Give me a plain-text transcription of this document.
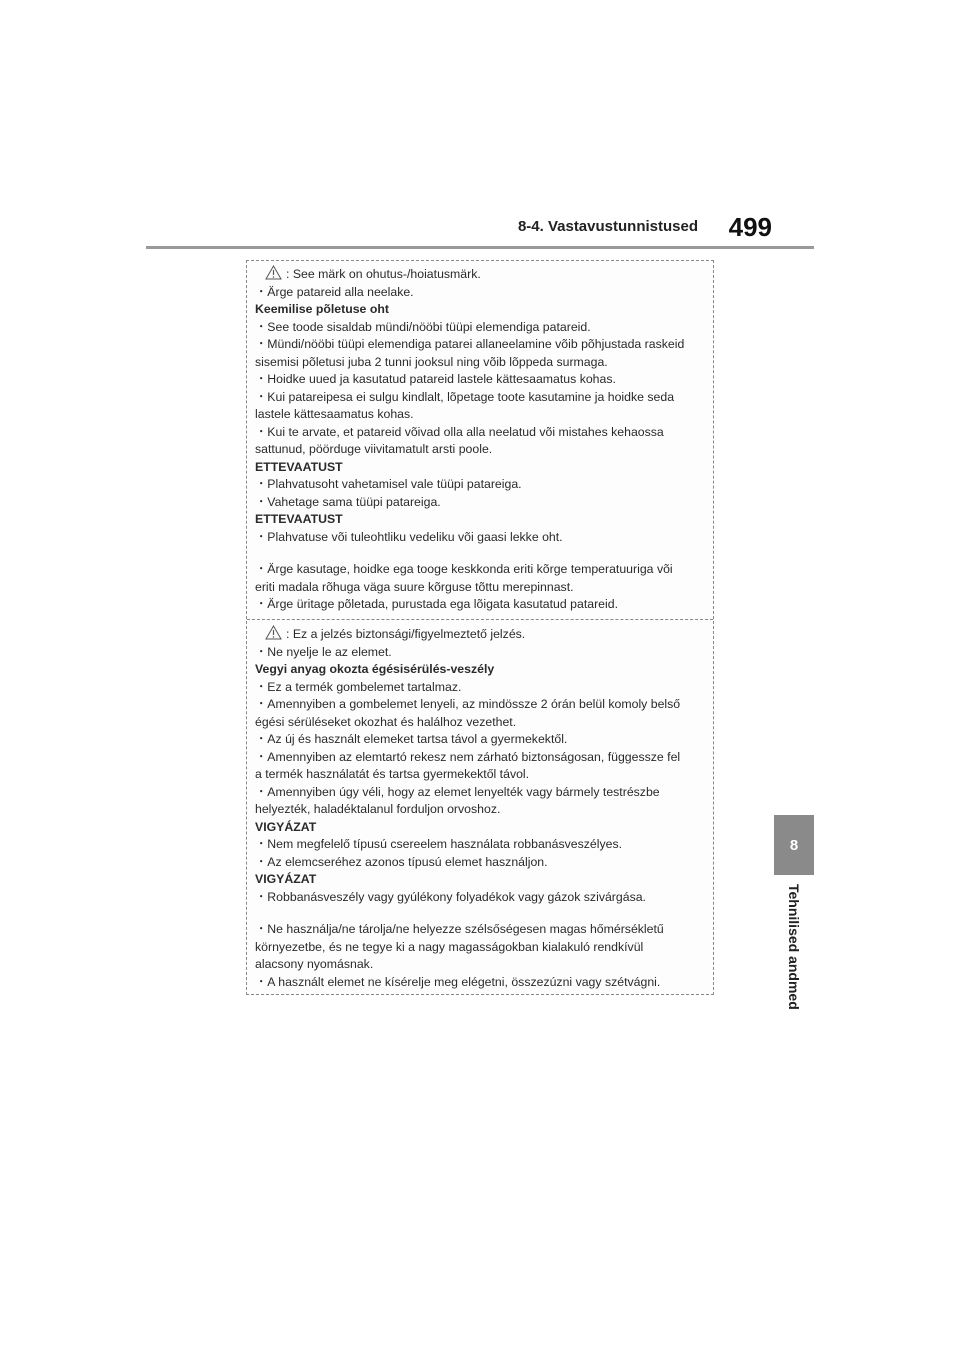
8-4. Vastavustunnistused 499
8
Tehnilised andmed
: See märk on ohutus-/hoiatusmärk.
・Ärge patareid alla neelake.
Keemilise põletuse oht
・See toode sisaldab mündi/nööbi tüüpi elemendiga patareid.
・Mündi/nööbi tüüpi elemendiga patarei allaneelamine võib põhjustada raskeid
sisemisi põletusi juba 2 tunni jooksul ning võib lõppeda surmaga.
・Hoidke uued ja kasutatud patareid lastele kättesaamatus kohas.
・Kui patareipesa ei sulgu kindlalt, lõpetage toote kasutamine ja hoidke seda
lastele kättesaamatus kohas.
・Kui te arvate, et patareid võivad olla alla neelatud või mistahes kehaossa
sattunud, pöörduge viivitamatult arsti poole.
ETTEVAATUST
・Plahvatusoht vahetamisel vale tüüpi patareiga.
・Vahetage sama tüüpi patareiga.
ETTEVAATUST
・Plahvatuse või tuleohtliku vedeliku või gaasi lekke oht.
・Ärge kasutage, hoidke ega tooge keskkonda eriti kõrge temperatuuriga või
eriti madala rõhuga väga suure kõrguse tõttu merepinnast.
・Ärge üritage põletada, purustada ega lõigata kasutatud patareid.
: Ez a jelzés biztonsági/figyelmeztető jelzés.
・Ne nyelje le az elemet.
Vegyi anyag okozta égésisérülés-veszély
・Ez a termék gombelemet tartalmaz.
・Amennyiben a gombelemet lenyeli, az mindössze 2 órán belül komoly belső
égési sérüléseket okozhat és halálhoz vezethet.
・Az új és használt elemeket tartsa távol a gyermekektől.
・Amennyiben az elemtartó rekesz nem zárható biztonságosan, függessze fel
a termék használatát és tartsa gyermekektől távol.
・Amennyiben úgy véli, hogy az elemet lenyelték vagy bármely testrészbe
helyezték, haladéktalanul forduljon orvoshoz.
VIGYÁZAT
・Nem megfelelő típusú csereelem használata robbanásveszélyes.
・Az elemcseréhez azonos típusú elemet használjon.
VIGYÁZAT
・Robbanásveszély vagy gyúlékony folyadékok vagy gázok szivárgása.
・Ne használja/ne tárolja/ne helyezze szélsőségesen magas hőmérsékletű
környezetbe, és ne tegye ki a nagy magasságokban kialakuló rendkívül
alacsony nyomásnak.
・A használt elemet ne kísérelje meg elégetni, összezúzni vagy szétvágni.
